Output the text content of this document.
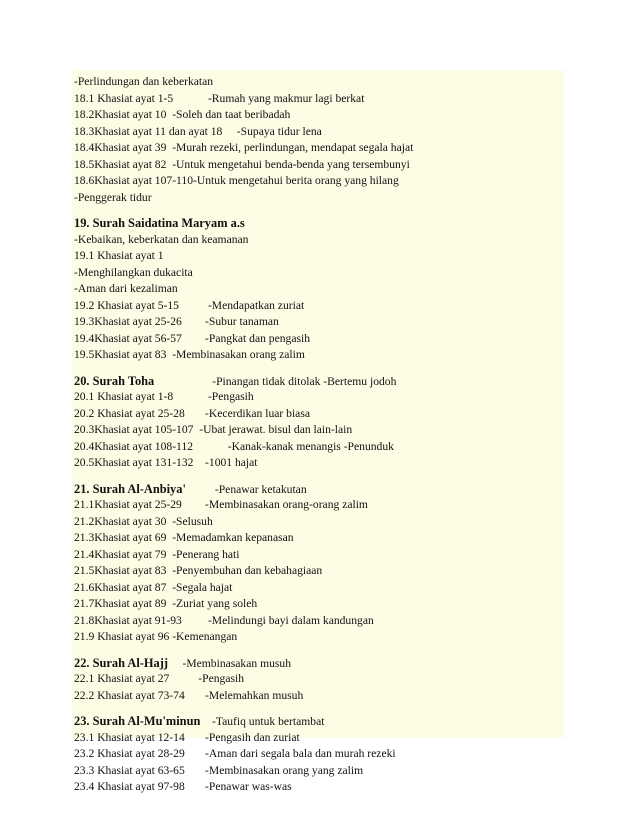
-Perlindungan dan keberkatan
18.1 Khasiat ayat 1-5            -Rumah yang makmur lagi berkat
18.2Khasiat ayat 10  -Soleh dan taat beribadah
18.3Khasiat ayat 11 dan ayat 18     -Supaya tidur lena
18.4Khasiat ayat 39  -Murah rezeki, perlindungan, mendapat segala hajat
18.5Khasiat ayat 82  -Untuk mengetahui benda-benda yang tersembunyi
18.6Khasiat ayat 107-110-Untuk mengetahui berita orang yang hilang
-Penggerak tidur
19. Surah Saidatina Maryam a.s
-Kebaikan, keberkatan dan keamanan
19.1 Khasiat ayat 1
-Menghilangkan dukacita
-Aman dari kezaliman
19.2 Khasiat ayat 5-15          -Mendapatkan zuriat
19.3Khasiat ayat 25-26        -Subur tanaman
19.4Khasiat ayat 56-57        -Pangkat dan pengasih
19.5Khasiat ayat 83  -Membinasakan orang zalim
20. Surah Toha                    -Pinangan tidak ditolak -Bertemu jodoh
20.1 Khasiat ayat 1-8            -Pengasih
20.2 Khasiat ayat 25-28       -Kecerdikan luar biasa
20.3Khasiat ayat 105-107  -Ubat jerawat. bisul dan lain-lain
20.4Khasiat ayat 108-112            -Kanak-kanak menangis -Penunduk
20.5Khasiat ayat 131-132    -1001 hajat
21. Surah Al-Anbiya'          -Penawar ketakutan
21.1Khasiat ayat 25-29        -Membinasakan orang-orang zalim
21.2Khasiat ayat 30  -Selusuh
21.3Khasiat ayat 69  -Memadamkan kepanasan
21.4Khasiat ayat 79  -Penerang hati
21.5Khasiat ayat 83  -Penyembuhan dan kebahagiaan
21.6Khasiat ayat 87  -Segala hajat
21.7Khasiat ayat 89  -Zuriat yang soleh
21.8Khasiat ayat 91-93         -Melindungi bayi dalam kandungan
21.9 Khasiat ayat 96 -Kemenangan
22. Surah Al-Hajj     -Membinasakan musuh
22.1 Khasiat ayat 27          -Pengasih
22.2 Khasiat ayat 73-74       -Melemahkan musuh
23. Surah Al-Mu'minun    -Taufiq untuk bertambat
23.1 Khasiat ayat 12-14       -Pengasih dan zuriat
23.2 Khasiat ayat 28-29       -Aman dari segala bala dan murah rezeki
23.3 Khasiat ayat 63-65       -Membinasakan orang yang zalim
23.4 Khasiat ayat 97-98       -Penawar was-was
